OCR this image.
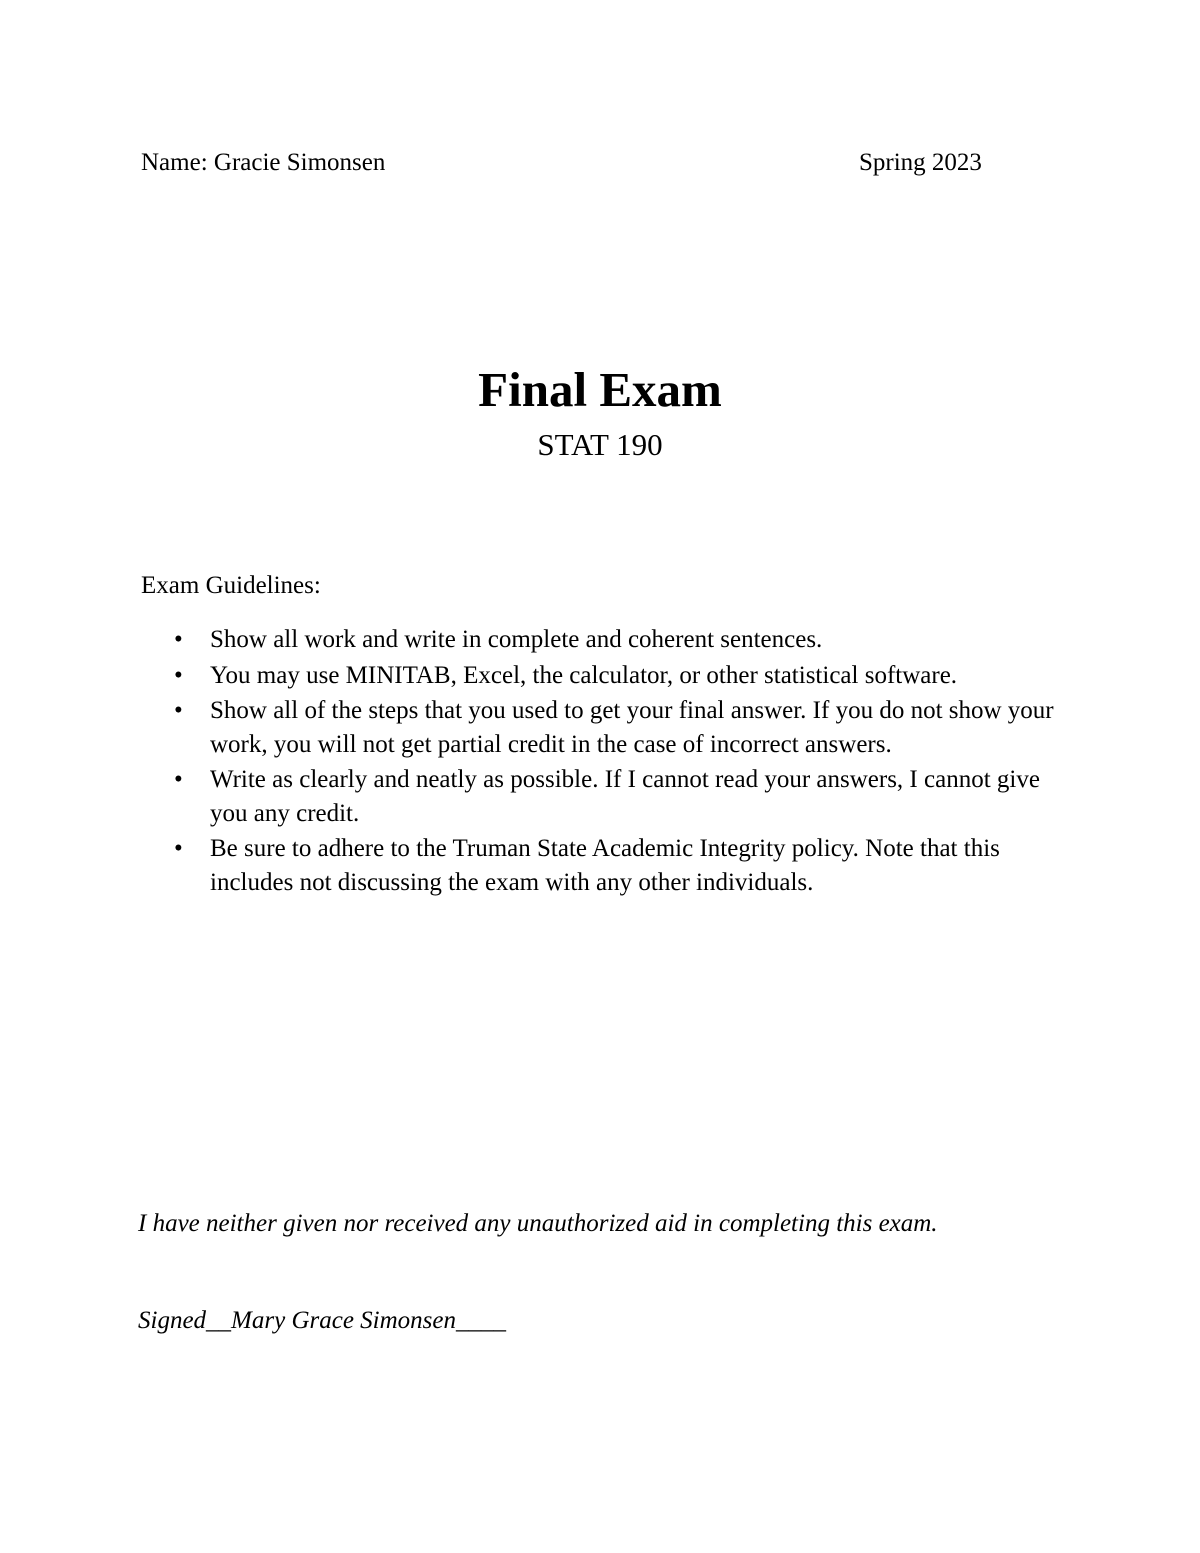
Name: Gracie Simonsen	Spring 2023
Final Exam
STAT 190
Exam Guidelines:
• Show all work and write in complete and coherent sentences.
• You may use MINITAB, Excel, the calculator, or other statistical software.
• Show all of the steps that you used to get your final answer. If you do not show your work, you will not get partial credit in the case of incorrect answers.
• Write as clearly and neatly as possible. If I cannot read your answers, I cannot give you any credit.
• Be sure to adhere to the Truman State Academic Integrity policy. Note that this includes not discussing the exam with any other individuals.
I have neither given nor received any unauthorized aid in completing this exam.
Signed__Mary Grace Simonsen____
